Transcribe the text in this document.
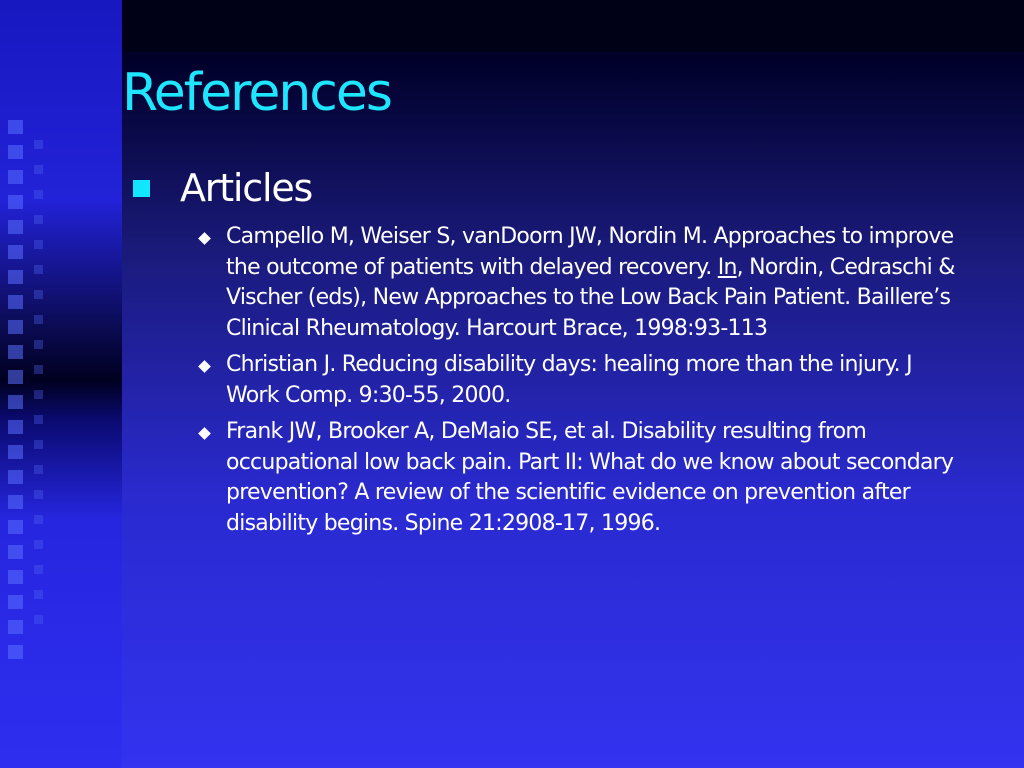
References
Articles
Campello M, Weiser S, vanDoorn JW, Nordin M. Approaches to improve the outcome of patients with delayed recovery. In, Nordin, Cedraschi & Vischer (eds), New Approaches to the Low Back Pain Patient. Baillere’s Clinical Rheumatology. Harcourt Brace, 1998:93-113
Christian J. Reducing disability days: healing more than the injury. J Work Comp. 9:30-55, 2000.
Frank JW, Brooker A, DeMaio SE, et al. Disability resulting from occupational low back pain. Part II: What do we know about secondary prevention? A review of the scientific evidence on prevention after disability begins. Spine 21:2908-17, 1996.
